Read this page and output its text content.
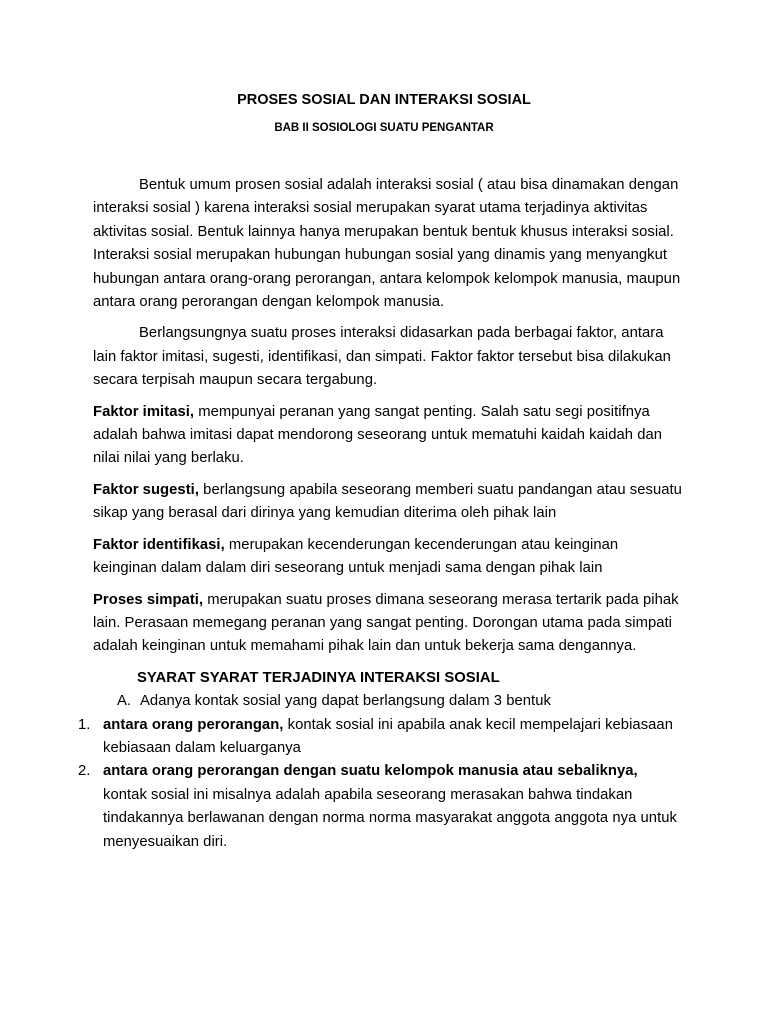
PROSES SOSIAL DAN INTERAKSI SOSIAL
BAB II SOSIOLOGI SUATU PENGANTAR

Bentuk umum prosen sosial adalah interaksi sosial ( atau bisa dinamakan dengan interaksi sosial ) karena interaksi sosial merupakan syarat utama terjadinya aktivitas aktivitas sosial. Bentuk lainnya hanya merupakan bentuk bentuk khusus interaksi sosial. Interaksi sosial merupakan hubungan hubungan sosial yang dinamis yang menyangkut hubungan antara orang-orang perorangan, antara kelompok kelompok manusia, maupun antara orang perorangan dengan kelompok manusia.

Berlangsungnya suatu proses interaksi didasarkan pada berbagai faktor, antara lain faktor imitasi, sugesti, identifikasi, dan simpati. Faktor faktor tersebut bisa dilakukan secara terpisah maupun secara tergabung.

Faktor imitasi, mempunyai peranan yang sangat penting. Salah satu segi positifnya adalah bahwa imitasi dapat mendorong seseorang untuk mematuhi kaidah kaidah dan nilai nilai yang berlaku.

Faktor sugesti, berlangsung apabila seseorang memberi suatu pandangan atau sesuatu sikap yang berasal dari dirinya yang kemudian diterima oleh pihak lain

Faktor identifikasi, merupakan kecenderungan kecenderungan atau keinginan keinginan dalam dalam diri seseorang untuk menjadi sama dengan pihak lain

Proses simpati, merupakan suatu proses dimana seseorang merasa tertarik pada pihak lain. Perasaan memegang peranan yang sangat penting. Dorongan utama pada simpati adalah keinginan untuk memahami pihak lain dan untuk bekerja sama dengannya.

SYARAT SYARAT TERJADINYA INTERAKSI SOSIAL
A. Adanya kontak sosial yang dapat berlangsung dalam 3 bentuk
1. antara orang perorangan, kontak sosial ini apabila anak kecil mempelajari kebiasaan kebiasaan dalam keluarganya
2. antara orang perorangan dengan suatu kelompok manusia atau sebaliknya, kontak sosial ini misalnya adalah apabila seseorang merasakan bahwa tindakan tindakannya berlawanan dengan norma norma masyarakat anggota anggota nya untuk menyesuaikan diri.
